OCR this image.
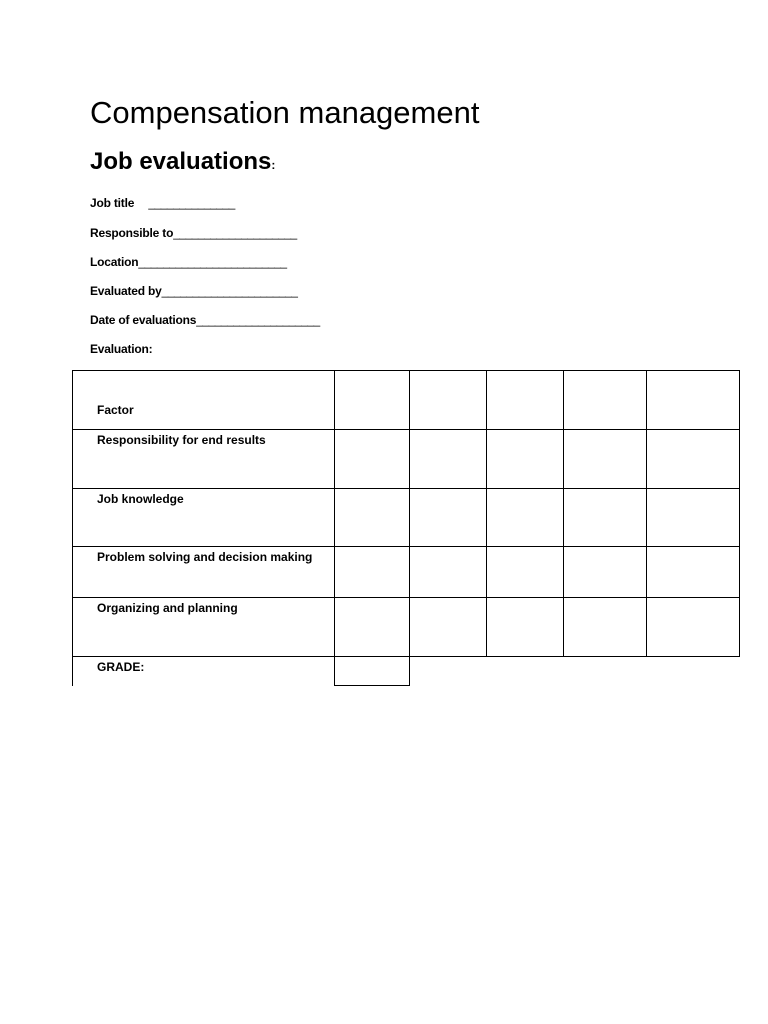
Compensation management
Job evaluations:
Job title     ______________
Responsible to____________________
Location________________________
Evaluated by______________________
Date of evaluations____________________
Evaluation:
Factor					
Responsibility for end results					
Job knowledge					
Problem solving and decision making					
Organizing and planning					
GRADE:					
